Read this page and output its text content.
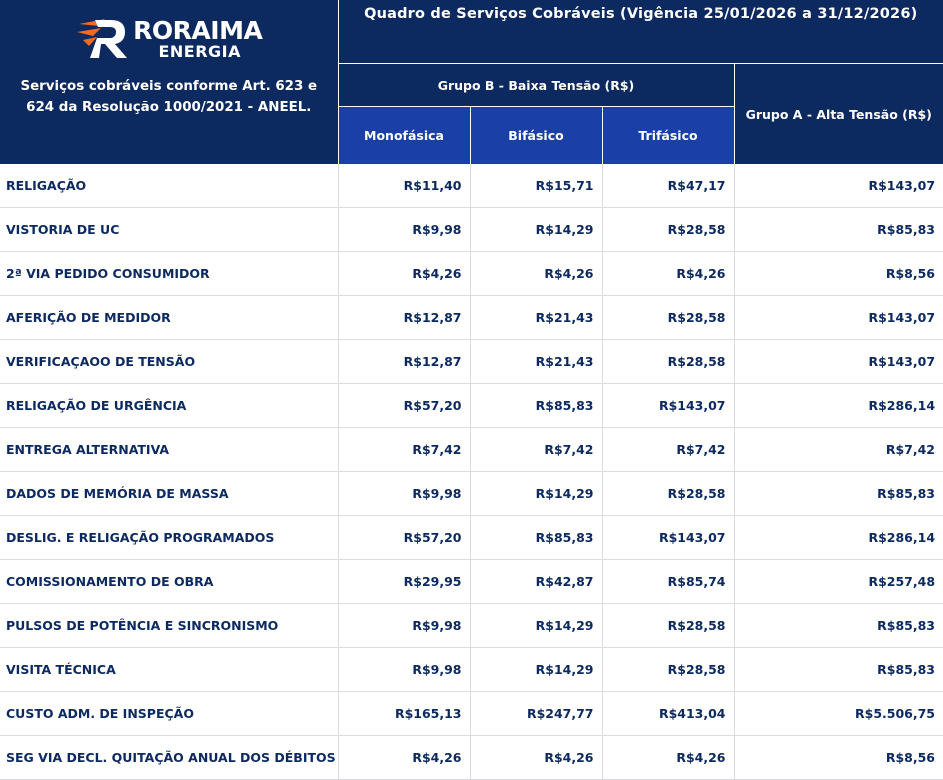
RORAIMA
ENERGIA
Serviços cobráveis conforme Art. 623 e 624 da Resolução 1000/2021 - ANEEL.	Quadro de Serviços Cobráveis (Vigência 25/01/2026 a 31/12/2026)			
	Grupo B - Baixa Tensão (R$)			Grupo A - Alta Tensão (R$)
	Monofásica	Bifásico	Trifásico	
RELIGAÇÃO	R$11,40	R$15,71	R$47,17	R$143,07
VISTORIA DE UC	R$9,98	R$14,29	R$28,58	R$85,83
2ª VIA PEDIDO CONSUMIDOR	R$4,26	R$4,26	R$4,26	R$8,56
AFERIÇÃO DE MEDIDOR	R$12,87	R$21,43	R$28,58	R$143,07
VERIFICAÇAOO DE TENSÃO	R$12,87	R$21,43	R$28,58	R$143,07
RELIGAÇÃO DE URGÊNCIA	R$57,20	R$85,83	R$143,07	R$286,14
ENTREGA ALTERNATIVA	R$7,42	R$7,42	R$7,42	R$7,42
DADOS DE MEMÓRIA DE MASSA	R$9,98	R$14,29	R$28,58	R$85,83
DESLIG. E RELIGAÇÃO PROGRAMADOS	R$57,20	R$85,83	R$143,07	R$286,14
COMISSIONAMENTO DE OBRA	R$29,95	R$42,87	R$85,74	R$257,48
PULSOS DE POTÊNCIA E SINCRONISMO	R$9,98	R$14,29	R$28,58	R$85,83
VISITA TÉCNICA	R$9,98	R$14,29	R$28,58	R$85,83
CUSTO ADM. DE INSPEÇÃO	R$165,13	R$247,77	R$413,04	R$5.506,75
SEG VIA DECL. QUITAÇÃO ANUAL DOS DÉBITOS	R$4,26	R$4,26	R$4,26	R$8,56
